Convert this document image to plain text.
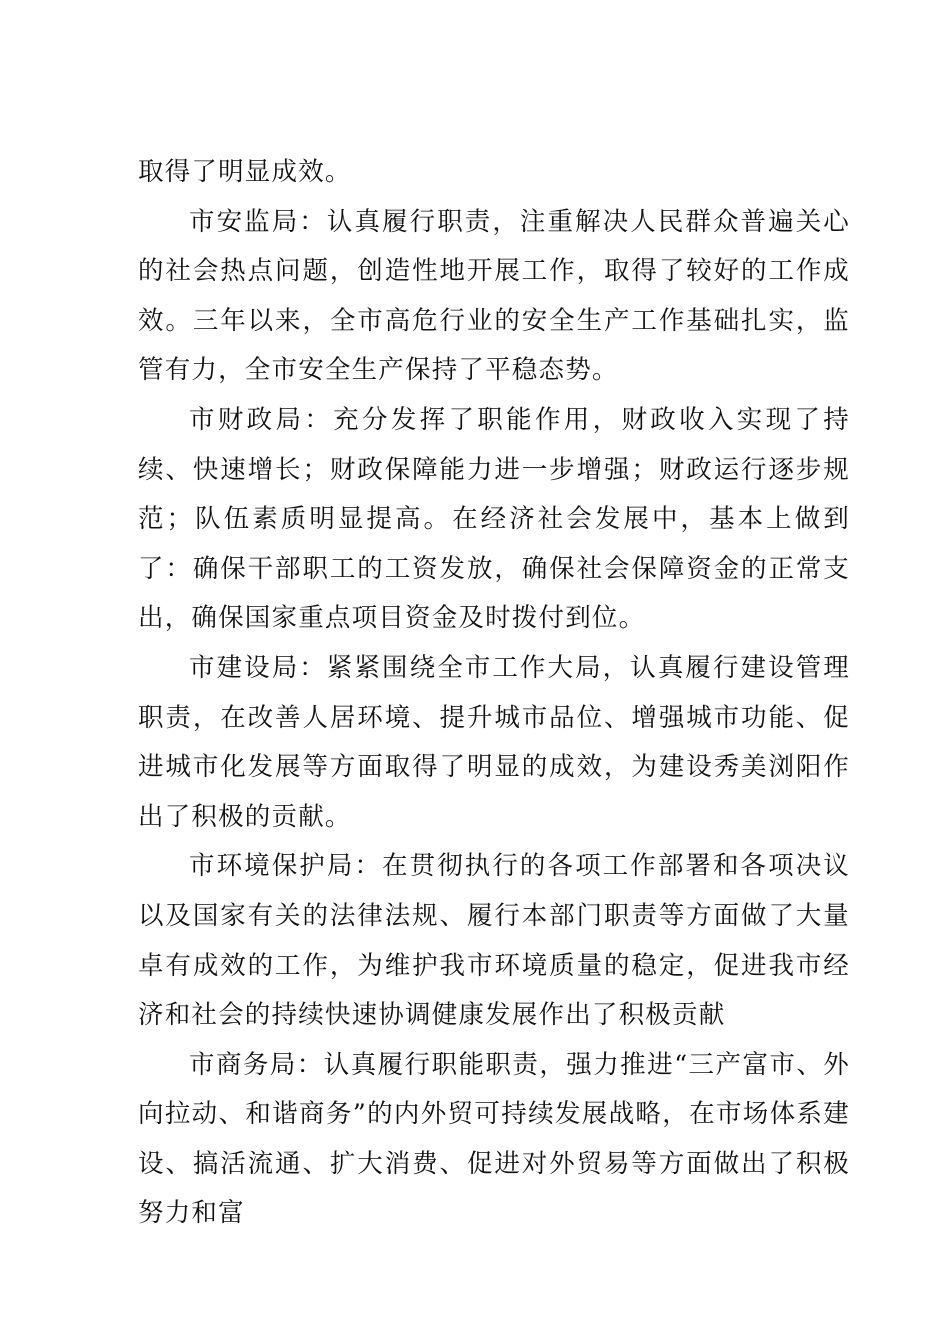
取得了明显成效。

市安监局：认真履行职责，注重解决人民群众普遍关心的社会热点问题，创造性地开展工作，取得了较好的工作成效。三年以来，全市高危行业的安全生产工作基础扎实，监管有力，全市安全生产保持了平稳态势。

市财政局：充分发挥了职能作用，财政收入实现了持续、快速增长；财政保障能力进一步增强；财政运行逐步规范；队伍素质明显提高。在经济社会发展中，基本上做到了：确保干部职工的工资发放，确保社会保障资金的正常支出，确保国家重点项目资金及时拨付到位。

市建设局：紧紧围绕全市工作大局，认真履行建设管理职责，在改善人居环境、提升城市品位、增强城市功能、促进城市化发展等方面取得了明显的成效，为建设秀美浏阳作出了积极的贡献。

市环境保护局：在贯彻执行的各项工作部署和各项决议以及国家有关的法律法规、履行本部门职责等方面做了大量卓有成效的工作，为维护我市环境质量的稳定，促进我市经济和社会的持续快速协调健康发展作出了积极贡献

市商务局：认真履行职能职责，强力推进“三产富市、外向拉动、和谐商务”的内外贸可持续发展战略，在市场体系建设、搞活流通、扩大消费、促进对外贸易等方面做出了积极努力和富
